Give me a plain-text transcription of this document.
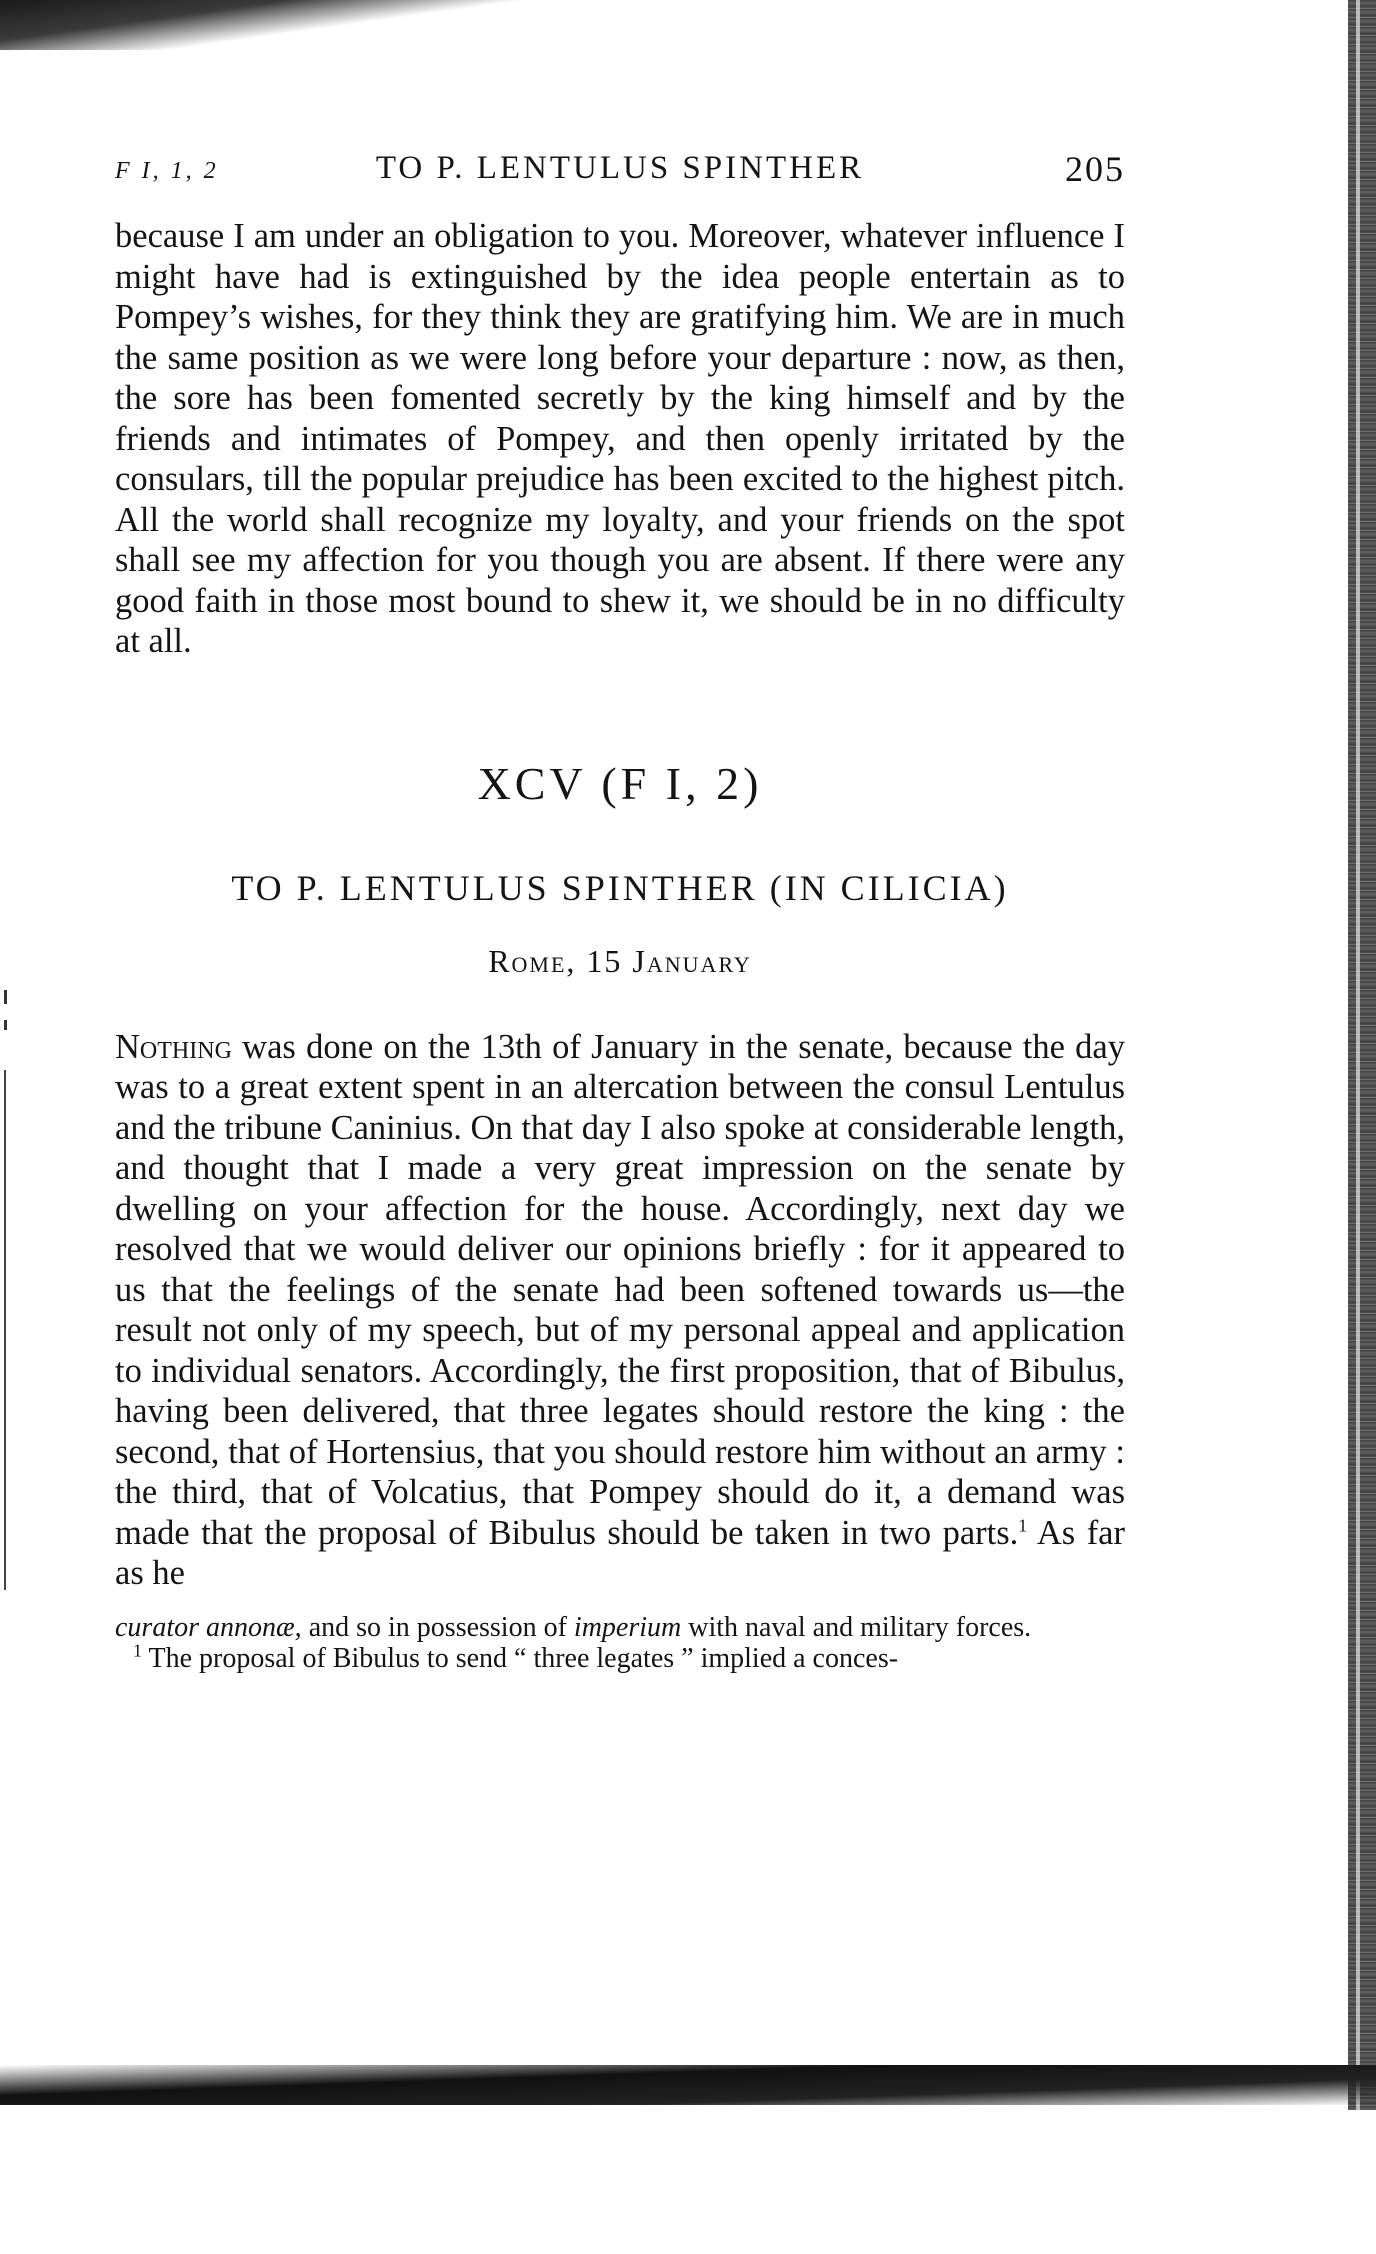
F I, 1, 2	TO P. LENTULUS SPINTHER	205

because I am under an obligation to you. Moreover, whatever influence I might have had is extinguished by the idea people entertain as to Pompey’s wishes, for they think they are gratifying him. We are in much the same position as we were long before your departure : now, as then, the sore has been fomented secretly by the king himself and by the friends and intimates of Pompey, and then openly irritated by the consulars, till the popular prejudice has been excited to the highest pitch. All the world shall recognize my loyalty, and your friends on the spot shall see my affection for you though you are absent. If there were any good faith in those most bound to shew it, we should be in no difficulty at all.

XCV (F I, 2)
TO P. LENTULUS SPINTHER (IN CILICIA)
Rome, 15 January

Nothing was done on the 13th of January in the senate, because the day was to a great extent spent in an altercation between the consul Lentulus and the tribune Caninius. On that day I also spoke at considerable length, and thought that I made a very great impression on the senate by dwelling on your affection for the house. Accordingly, next day we resolved that we would deliver our opinions briefly : for it appeared to us that the feelings of the senate had been softened towards us—the result not only of my speech, but of my personal appeal and application to individual senators. Accordingly, the first proposition, that of Bibulus, having been delivered, that three legates should restore the king : the second, that of Hortensius, that you should restore him without an army : the third, that of Volcatius, that Pompey should do it, a demand was made that the proposal of Bibulus should be taken in two parts.$^1$ As far as he

curator annonæ, and so in possession of imperium with naval and military forces.

$^1$ The proposal of Bibulus to send “ three legates ” implied a conces-
